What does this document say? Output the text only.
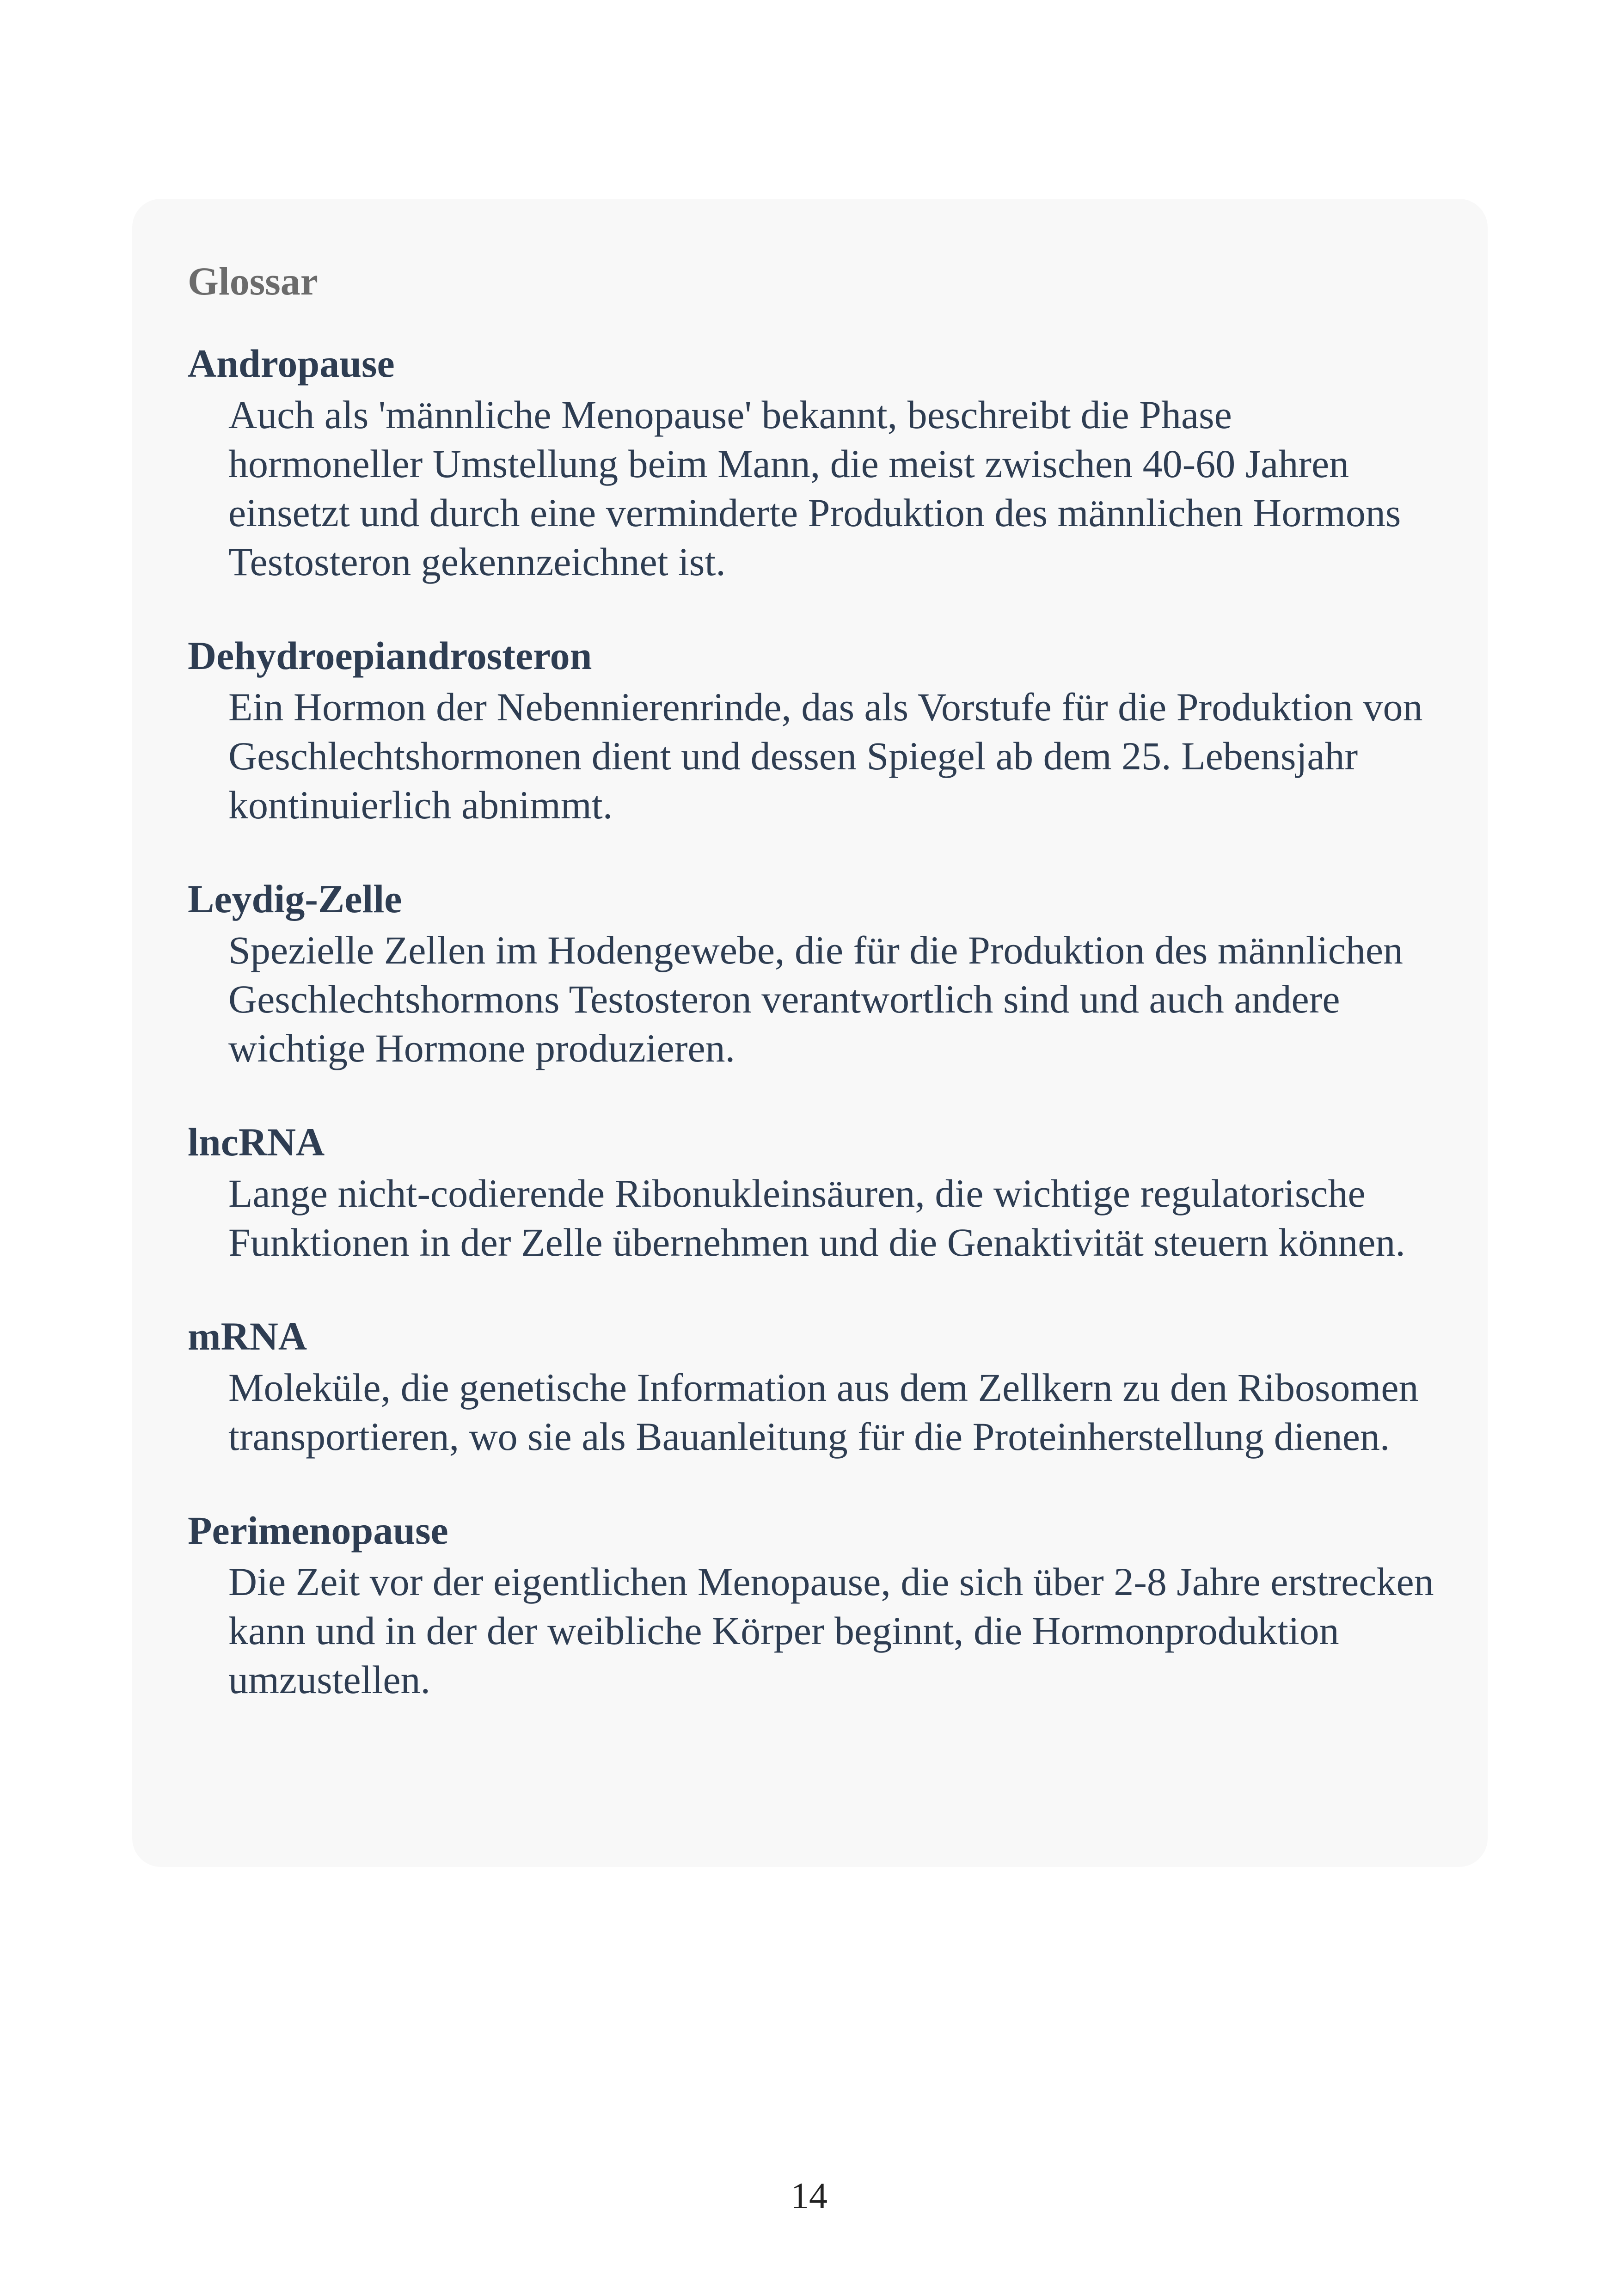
Glossar
Andropause
Auch als 'männliche Menopause' bekannt, beschreibt die Phase hormoneller Umstellung beim Mann, die meist zwischen 40-60 Jahren einsetzt und durch eine verminderte Produktion des männlichen Hormons Testosteron gekennzeichnet ist.
Dehydroepiandrosteron
Ein Hormon der Nebennierenrinde, das als Vorstufe für die Produktion von Geschlechtshormonen dient und dessen Spiegel ab dem 25. Lebensjahr kontinuierlich abnimmt.
Leydig-Zelle
Spezielle Zellen im Hodengewebe, die für die Produktion des männlichen Geschlechtshormons Testosteron verantwortlich sind und auch andere wichtige Hormone produzieren.
lncRNA
Lange nicht-codierende Ribonukleinsäuren, die wichtige regulatorische Funktionen in der Zelle übernehmen und die Genaktivität steuern können.
mRNA
Moleküle, die genetische Information aus dem Zellkern zu den Ribosomen transportieren, wo sie als Bauanleitung für die Proteinherstellung dienen.
Perimenopause
Die Zeit vor der eigentlichen Menopause, die sich über 2-8 Jahre erstrecken kann und in der der weibliche Körper beginnt, die Hormonproduktion umzustellen.
14
